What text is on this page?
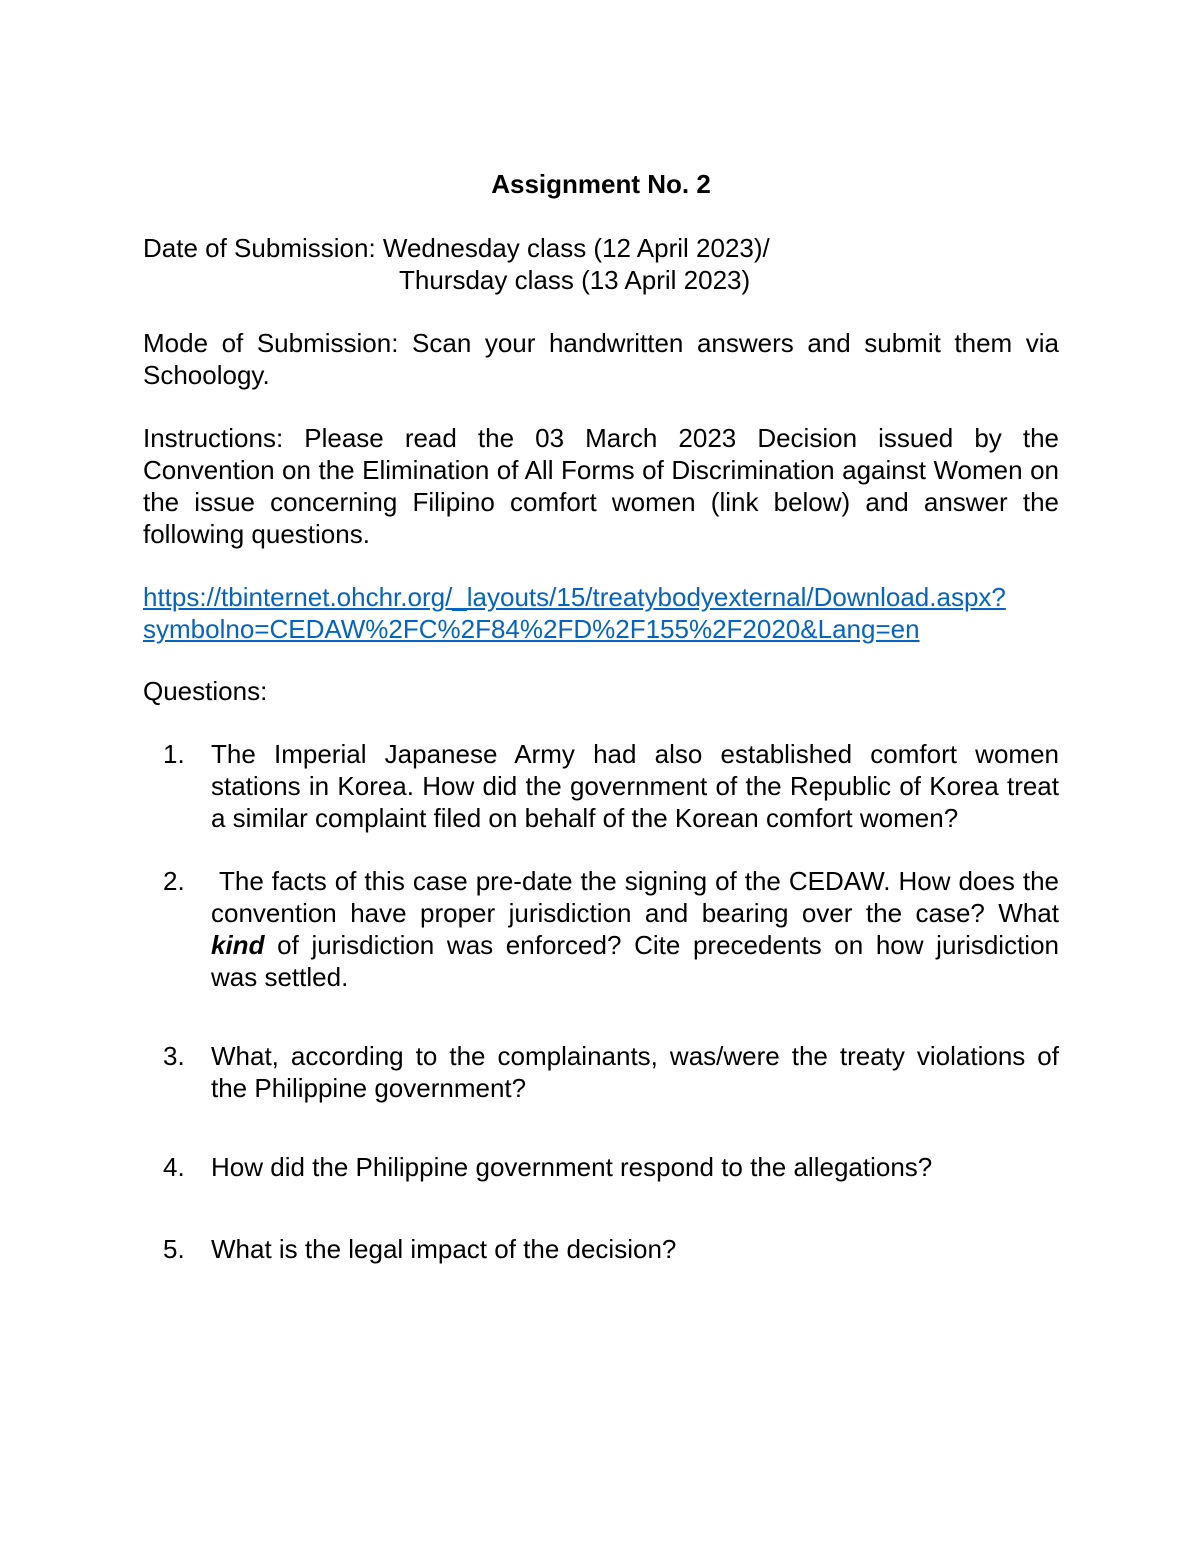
Assignment No. 2
Date of Submission: Wednesday class (12 April 2023)/
Thursday class (13 April 2023)
Mode of Submission: Scan your handwritten answers and submit them via Schoology.
Instructions: Please read the 03 March 2023 Decision issued by the Convention on the Elimination of All Forms of Discrimination against Women on the issue concerning Filipino comfort women (link below) and answer the following questions.
https://tbinternet.ohchr.org/_layouts/15/treatybodyexternal/Download.aspx?
symbolno=CEDAW%2FC%2F84%2FD%2F155%2F2020&Lang=en
Questions:
1. The Imperial Japanese Army had also established comfort women stations in Korea. How did the government of the Republic of Korea treat a similar complaint filed on behalf of the Korean comfort women?
2.	The facts of this case pre-date the signing of the CEDAW. How does the convention have proper jurisdiction and bearing over the case? What kind of jurisdiction was enforced? Cite precedents on how jurisdiction was settled.
3. What, according to the complainants, was/were the treaty violations of the Philippine government?
4. How did the Philippine government respond to the allegations?
5. What is the legal impact of the decision?
